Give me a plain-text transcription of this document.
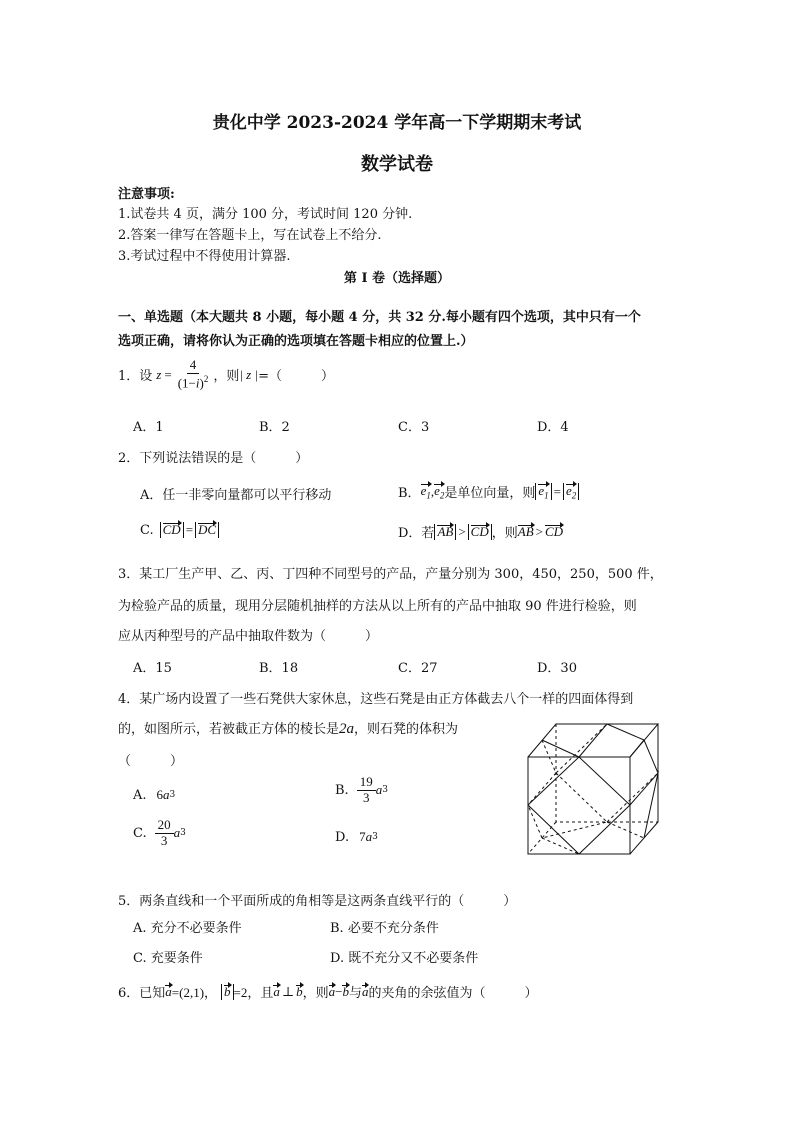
贵化中学 2023-2024 学年高一下学期期末考试
数学试卷
注意事项:
1.试卷共 4 页，满分 100 分，考试时间 120 分钟.
2.答案一律写在答题卡上，写在试卷上不给分.
3.考试过程中不得使用计算器.
第 I 卷（选择题）
一、单选题（本大题共 8 小题，每小题 4 分，共 32 分.每小题有四个选项，其中只有一个
选项正确，请将你认为正确的选项填在答题卡相应的位置上.）
1． 设 $z = \frac{4}{(1-i)^2}$ ，则 | z | =（　　　）
A．1	B．2	C．3	D．4
2．下列说法错误的是（　　　）
A．任一非零向量都可以平行移动	B． $e_1$ , $e_2$ 是单位向量，则 $e_1 = e_2$
C. CD = DC	D．若 AB > CD ，则 AB > CD
3．某工厂生产甲、乙、丙、丁四种不同型号的产品，产量分别为 300，450，250，500 件，
为检验产品的质量，现用分层随机抽样的方法从以上所有的产品中抽取 90 件进行检验，则
应从丙种型号的产品中抽取件数为（　　　）
A．15	B．18	C．27	D．30
4．某广场内设置了一些石凳供大家休息，这些石凳是由正方体截去八个一样的四面体得到
的，如图所示，若被截正方体的棱长是 2a ，则石凳的体积为
（　　　）
A. 6 a 3	B. $\frac{19}{3}$ a 3
C. $\frac{20}{3}$ a 3	D. 7 a 3
5．两条直线和一个平面所成的角相等是这两条直线平行的（　　　）
A. 充分不必要条件	B. 必要不充分条件
C. 充要条件	D. 既不充分又不必要条件
6．已知 a =(2,1)， b =2，且 a ⊥ b ，则 a − b 与 a 的夹角的余弦值为（　　　）
